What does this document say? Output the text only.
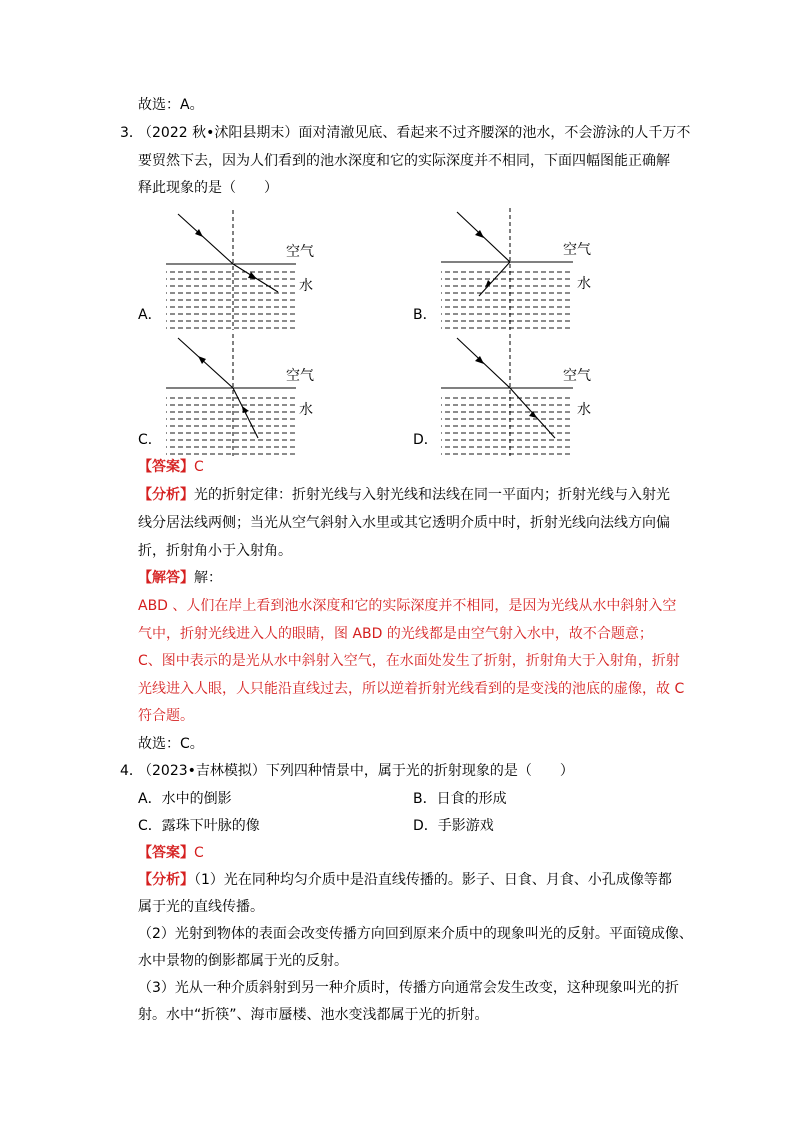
故选：A。
3．
（2022 秋•沭阳县期末）面对清澈见底、看起来不过齐腰深的池水，不会游泳的人千万不
要贸然下去，因为人们看到的池水深度和它的实际深度并不相同，下面四幅图能正确解
释此现象的是（　　）
空气
水
A．
空气
水
B．
空气
水
C．
空气
水
D．
【答案】C
【分析】光的折射定律：折射光线与入射光线和法线在同一平面内；折射光线与入射光
线分居法线两侧；当光从空气斜射入水里或其它透明介质中时，折射光线向法线方向偏
折，折射角小于入射角。
【解答】解：
ABD 、人们在岸上看到池水深度和它的实际深度并不相同，是因为光线从水中斜射入空
气中，折射光线进入人的眼睛，图 ABD 的光线都是由空气射入水中，故不合题意；
C、图中表示的是光从水中斜射入空气，在水面处发生了折射，折射角大于入射角，折射
光线进入人眼，人只能沿直线过去，所以逆着折射光线看到的是变浅的池底的虚像，故 C
符合题。
故选：C。
4．
（2023•吉林模拟）下列四种情景中，属于光的折射现象的是（　　）
A．水中的倒影	B．日食的形成
C．露珠下叶脉的像	D．手影游戏
【答案】C
【分析】（1）光在同种均匀介质中是沿直线传播的。影子、日食、月食、小孔成像等都
属于光的直线传播。
（2）光射到物体的表面会改变传播方向回到原来介质中的现象叫光的反射。平面镜成像、
水中景物的倒影都属于光的反射。
（3）光从一种介质斜射到另一种介质时，传播方向通常会发生改变，这种现象叫光的折
射。水中“折筷”、海市蜃楼、池水变浅都属于光的折射。
